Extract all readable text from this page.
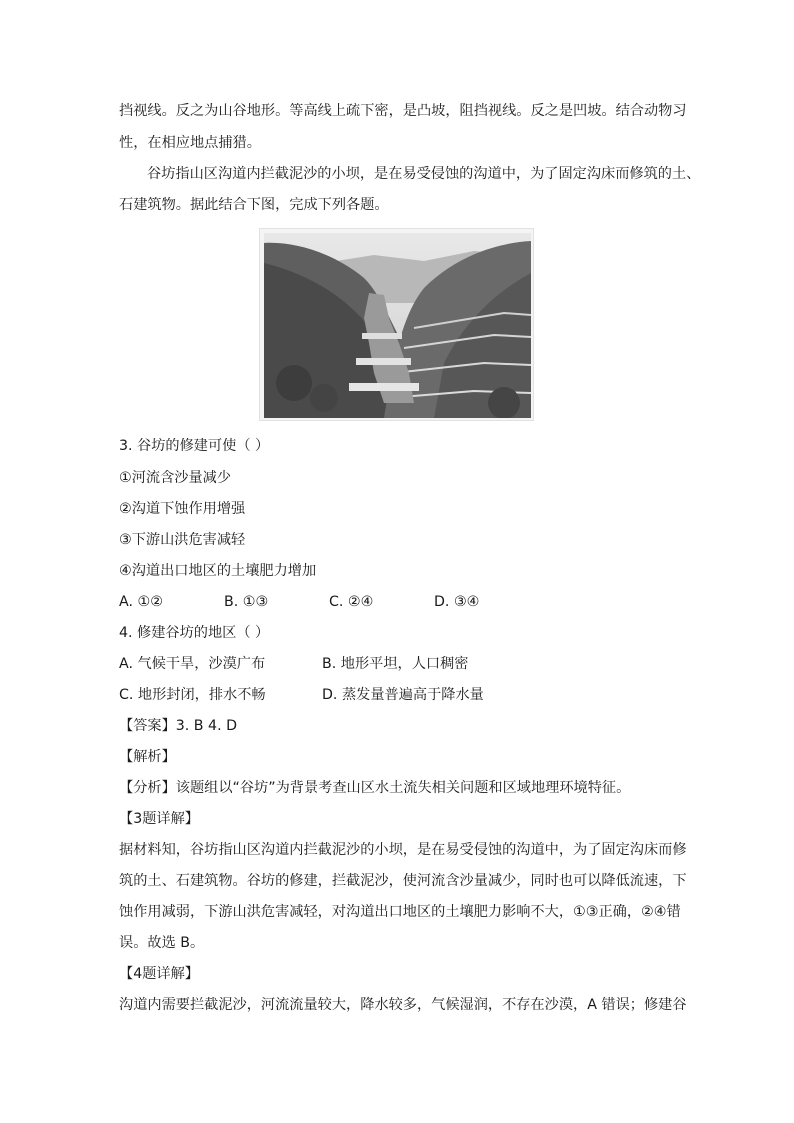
挡视线。反之为山谷地形。等高线上疏下密，是凸坡，阻挡视线。反之是凹坡。结合动物习
性，在相应地点捕猎。
谷坊指山区沟道内拦截泥沙的小坝，是在易受侵蚀的沟道中，为了固定沟床而修筑的土、
石建筑物。据此结合下图，完成下列各题。
3. 谷坊的修建可使（ ）
①河流含沙量减少
②沟道下蚀作用增强
③下游山洪危害减轻
④沟道出口地区的土壤肥力增加
A. ①②	B. ①③	C. ②④	D. ③④
4. 修建谷坊的地区（ ）
A. 气候干旱，沙漠广布	B. 地形平坦，人口稠密
C. 地形封闭，排水不畅	D. 蒸发量普遍高于降水量
【答案】3. B 4. D
【解析】
【分析】该题组以“谷坊”为背景考查山区水土流失相关问题和区域地理环境特征。
【3题详解】
据材料知，谷坊指山区沟道内拦截泥沙的小坝，是在易受侵蚀的沟道中，为了固定沟床而修
筑的土、石建筑物。谷坊的修建，拦截泥沙，使河流含沙量减少，同时也可以降低流速，下
蚀作用减弱，下游山洪危害减轻，对沟道出口地区的土壤肥力影响不大，①③正确，②④错
误。故选 B。
【4题详解】
沟道内需要拦截泥沙，河流流量较大，降水较多，气候湿润，不存在沙漠，A 错误；修建谷
